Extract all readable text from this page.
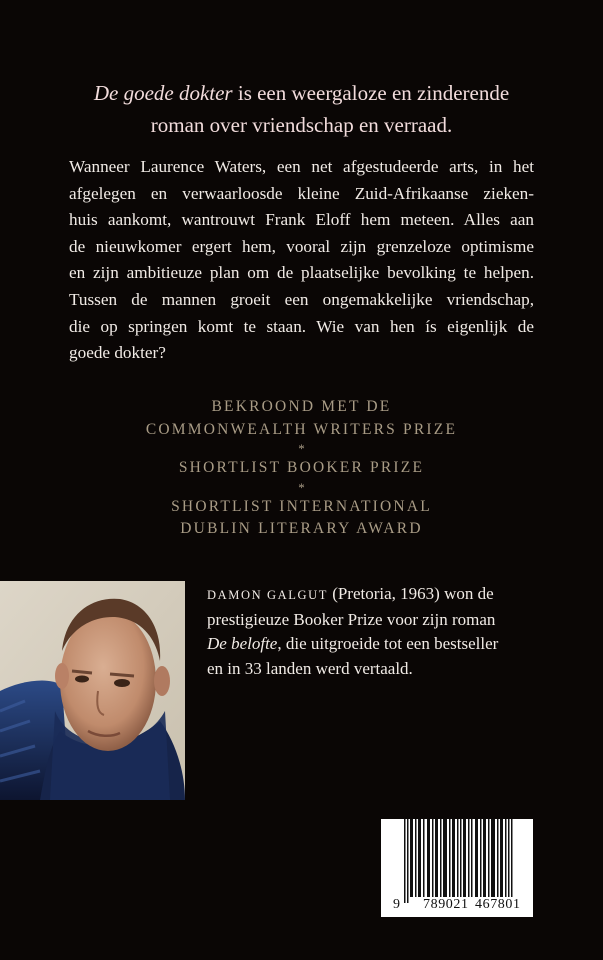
De goede dokter is een weergaloze en zinderende
roman over vriendschap en verraad.
Wanneer Laurence Waters, een net afgestudeerde arts, in het
afgelegen en verwaarloosde kleine Zuid-Afrikaanse zieken-
huis aankomt, wantrouwt Frank Eloff hem meteen. Alles aan
de nieuwkomer ergert hem, vooral zijn grenzeloze optimisme
en zijn ambitieuze plan om de plaatselijke bevolking te helpen.
Tussen de mannen groeit een ongemakkelijke vriendschap,
die op springen komt te staan. Wie van hen ís eigenlijk de
goede dokter?
BEKROOND MET DE
COMMONWEALTH WRITERS PRIZE
*
SHORTLIST BOOKER PRIZE
*
SHORTLIST INTERNATIONAL
DUBLIN LITERARY AWARD
DAMON GALGUT (Pretoria, 1963) won de
prestigieuze Booker Prize voor zijn roman
De belofte, die uitgroeide tot een bestseller
en in 33 landen werd vertaald.
9 789021 467801
